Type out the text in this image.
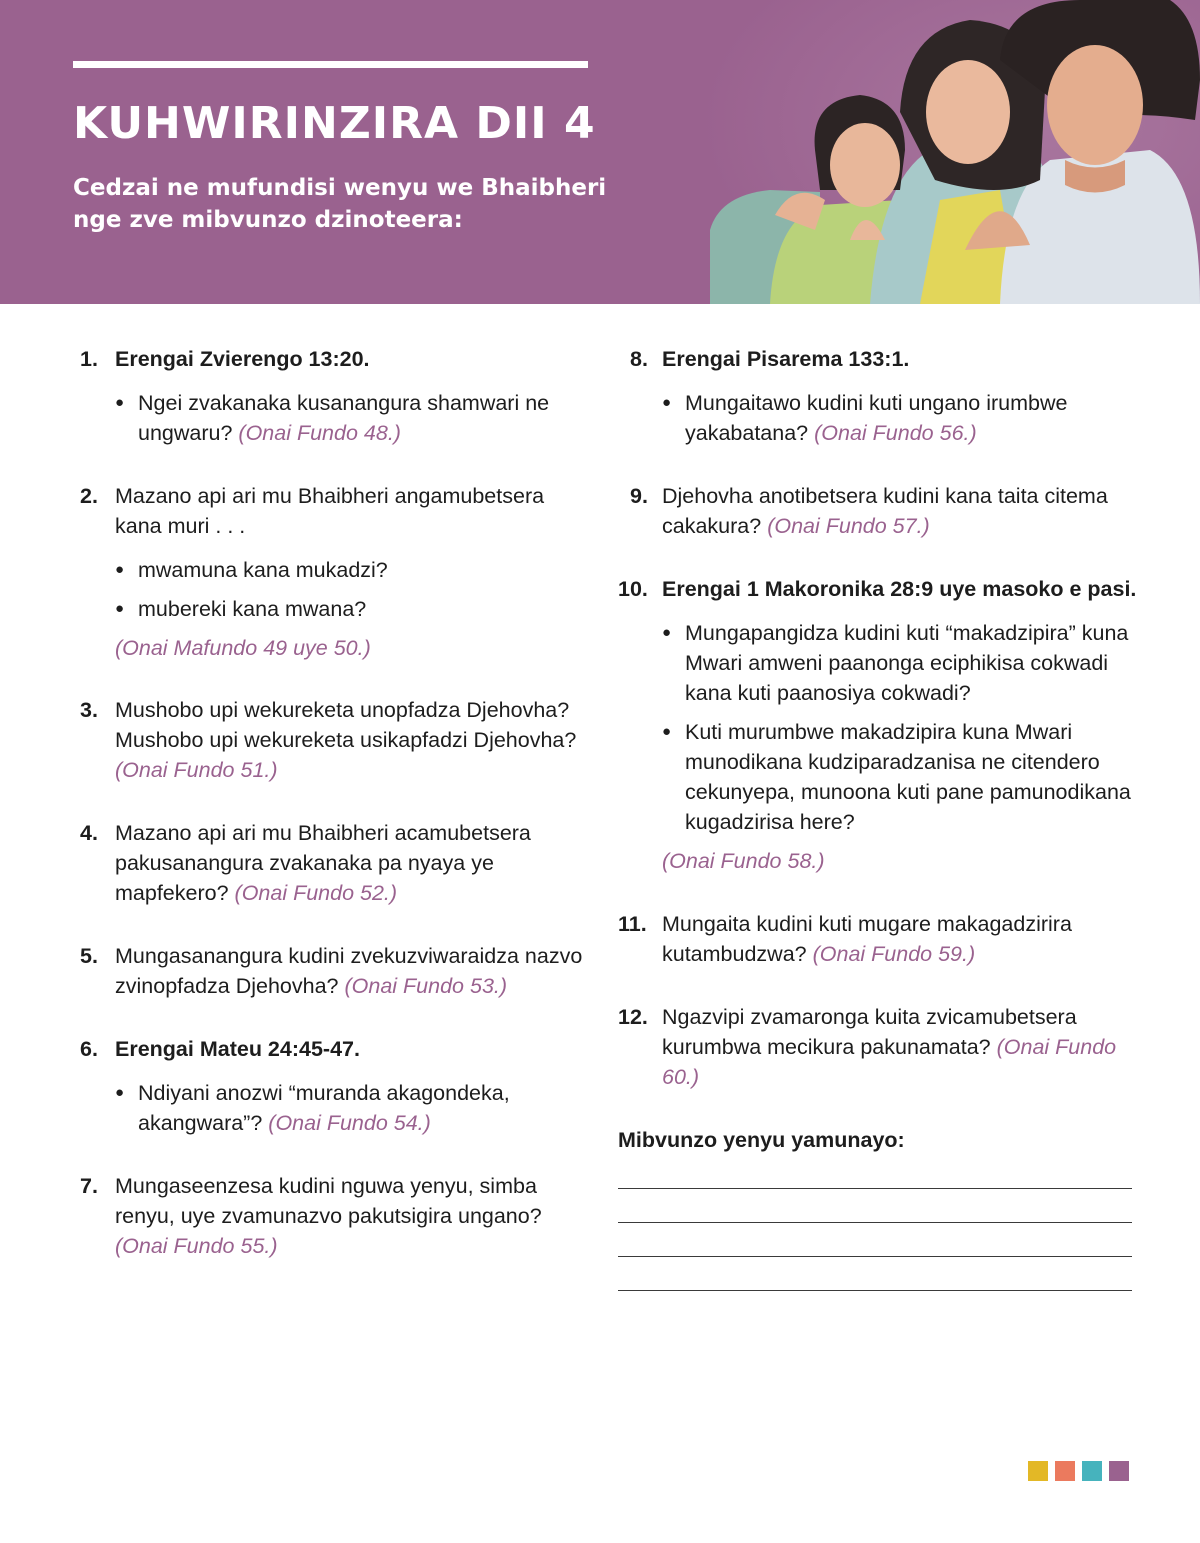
KUHWIRINZIRA DII 4

Cedzai ne mufundisi wenyu we Bhaibheri nge zve mibvunzo dzinoteera:

1. Erengai Zvierengo 13:20.
● Ngei zvakanaka kusanangura shamwari ne ungwaru? (Onai Fundo 48.)
2. Mazano api ari mu Bhaibheri angamubetsera kana muri . . .
● mwamuna kana mukadzi?
● mubereki kana mwana?
(Onai Mafundo 49 uye 50.)
3. Mushobo upi wekureketa unopfadza Djehovha? Mushobo upi wekureketa usikapfadzi Djehovha? (Onai Fundo 51.)
4. Mazano api ari mu Bhaibheri acamubetsera pakusanangura zvakanaka pa nyaya ye mapfekero? (Onai Fundo 52.)
5. Mungasanangura kudini zvekuzviwaraidza nazvo zvinopfadza Djehovha? (Onai Fundo 53.)
6. Erengai Mateu 24:45-47.
● Ndiyani anozwi “muranda akagondeka, akangwara”? (Onai Fundo 54.)
7. Mungaseenzesa kudini nguwa yenyu, simba renyu, uye zvamunazvo pakutsigira ungano? (Onai Fundo 55.)
8. Erengai Pisarema 133:1.
● Mungaitawo kudini kuti ungano irumbwe yakabatana? (Onai Fundo 56.)
9. Djehovha anotibetsera kudini kana taita citema cakakura? (Onai Fundo 57.)
10. Erengai 1 Makoronika 28:9 uye masoko e pasi.
● Mungapangidza kudini kuti “makadzipira” kuna Mwari amweni paanonga eciphikisa cokwadi kana kuti paanosiya cokwadi?
● Kuti murumbwe makadzipira kuna Mwari munodikana kudziparadzanisa ne citendero cekunyepa, munoona kuti pane pamunodikana kugadzirisa here?
(Onai Fundo 58.)
11. Mungaita kudini kuti mugare makagadzirira kutambudzwa? (Onai Fundo 59.)
12. Ngazvipi zvamaronga kuita zvicamubetsera kurumbwa mecikura pakunamata? (Onai Fundo 60.)
Mibvunzo yenyu yamunayo:
